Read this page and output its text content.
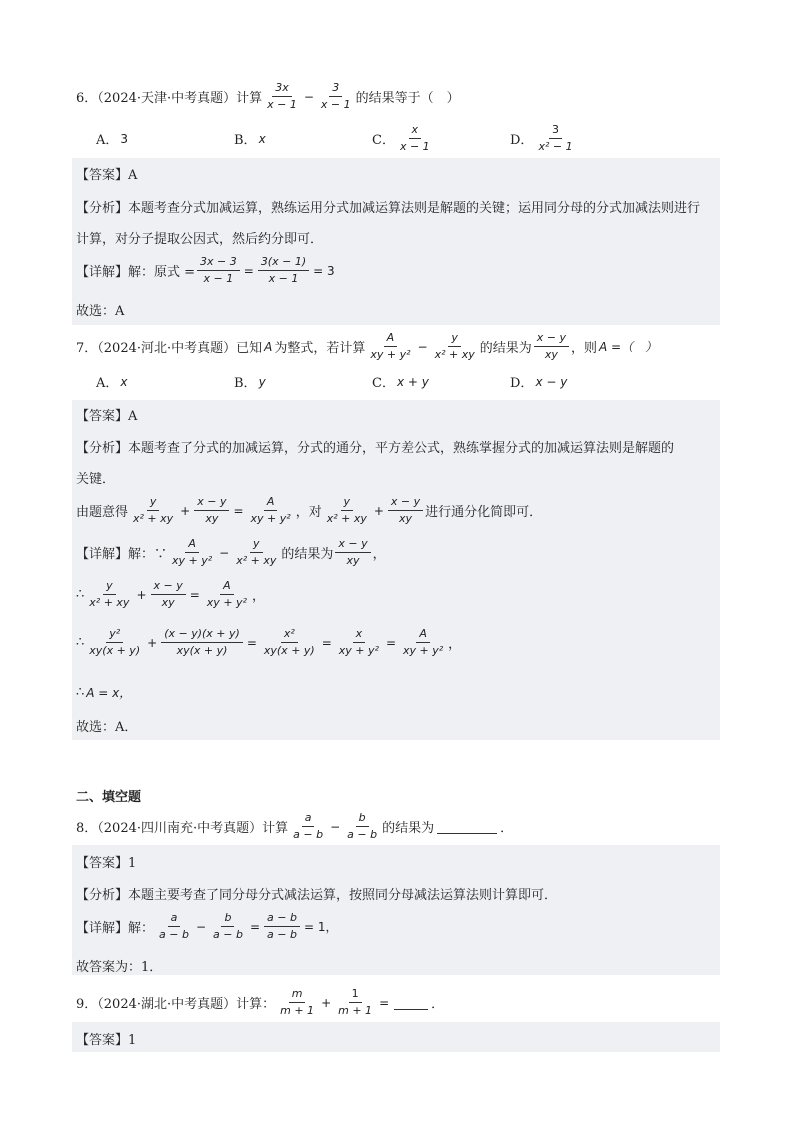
6．（2024·天津·中考真题）计算 $\frac{3x}{x - 1} - \frac{3}{x - 1}$ 的结果等于（　）
A． 3	B． x	C． $\frac{x}{x - 1}$	D． $\frac{3}{\text{x² − 1}}$
【答案】A
【分析】本题考查分式加减运算，熟练运用分式加减运算法则是解题的关键；运用同分母的分式加减法则进行
计算，对分子提取公因式，然后约分即可．
【详解】解：原式 = $\frac{3x - 3}{x - 1} = \frac{3(x - 1)}{x - 1} = 3$
故选：A
7．（2024·河北·中考真题）已知 A 为整式，若计算 $\frac{A}{\text{xy + y²}} - \frac{y}{\text{x² + xy}}$ 的结果为 $\frac{x - y}{xy}$ ，则 A =（　）
A． x	B． y	C． x + y	D． x − y
【答案】A
【分析】本题考查了分式的加减运算，分式的通分，平方差公式，熟练掌握分式的加减运算法则是解题的
关键．
由题意得 $\frac{y}{\text{x² + xy}} + \frac{x - y}{xy} = \frac{A}{\text{xy + y²}}$ ，对 $\frac{y}{\text{x² + xy}} + \frac{x - y}{xy}$ 进行通分化简即可．
【详解】解：∵ $\frac{A}{\text{xy + y²}} - \frac{y}{\text{x² + xy}}$ 的结果为 $\frac{x - y}{xy}$ ，
∴ $\frac{y}{\text{x² + xy}} + \frac{x - y}{xy} = \frac{A}{\text{xy + y²}}$ ，
∴ $\frac{\text{y²}}{xy(x + y)} + \frac{(x - y)(x + y)}{xy(x + y)} = \frac{\text{x²}}{xy(x + y)} = \frac{x}{\text{xy + y²}} = \frac{A}{\text{xy + y²}}$ ，
∴ A = x，
故选：A．
二、填空题
8．（2024·四川南充·中考真题）计算 $\frac{a}{a - b} - \frac{b}{a - b}$ 的结果为	．
【答案】1
【分析】本题主要考查了同分母分式减法运算，按照同分母减法运算法则计算即可．
【详解】解： $\frac{a}{a - b} - \frac{b}{a - b} = \frac{a - b}{a - b} = 1$，
故答案为：1．
9．（2024·湖北·中考真题）计算： $\frac{m}{m + 1} + \frac{1}{m + 1}$ =	．
【答案】1
